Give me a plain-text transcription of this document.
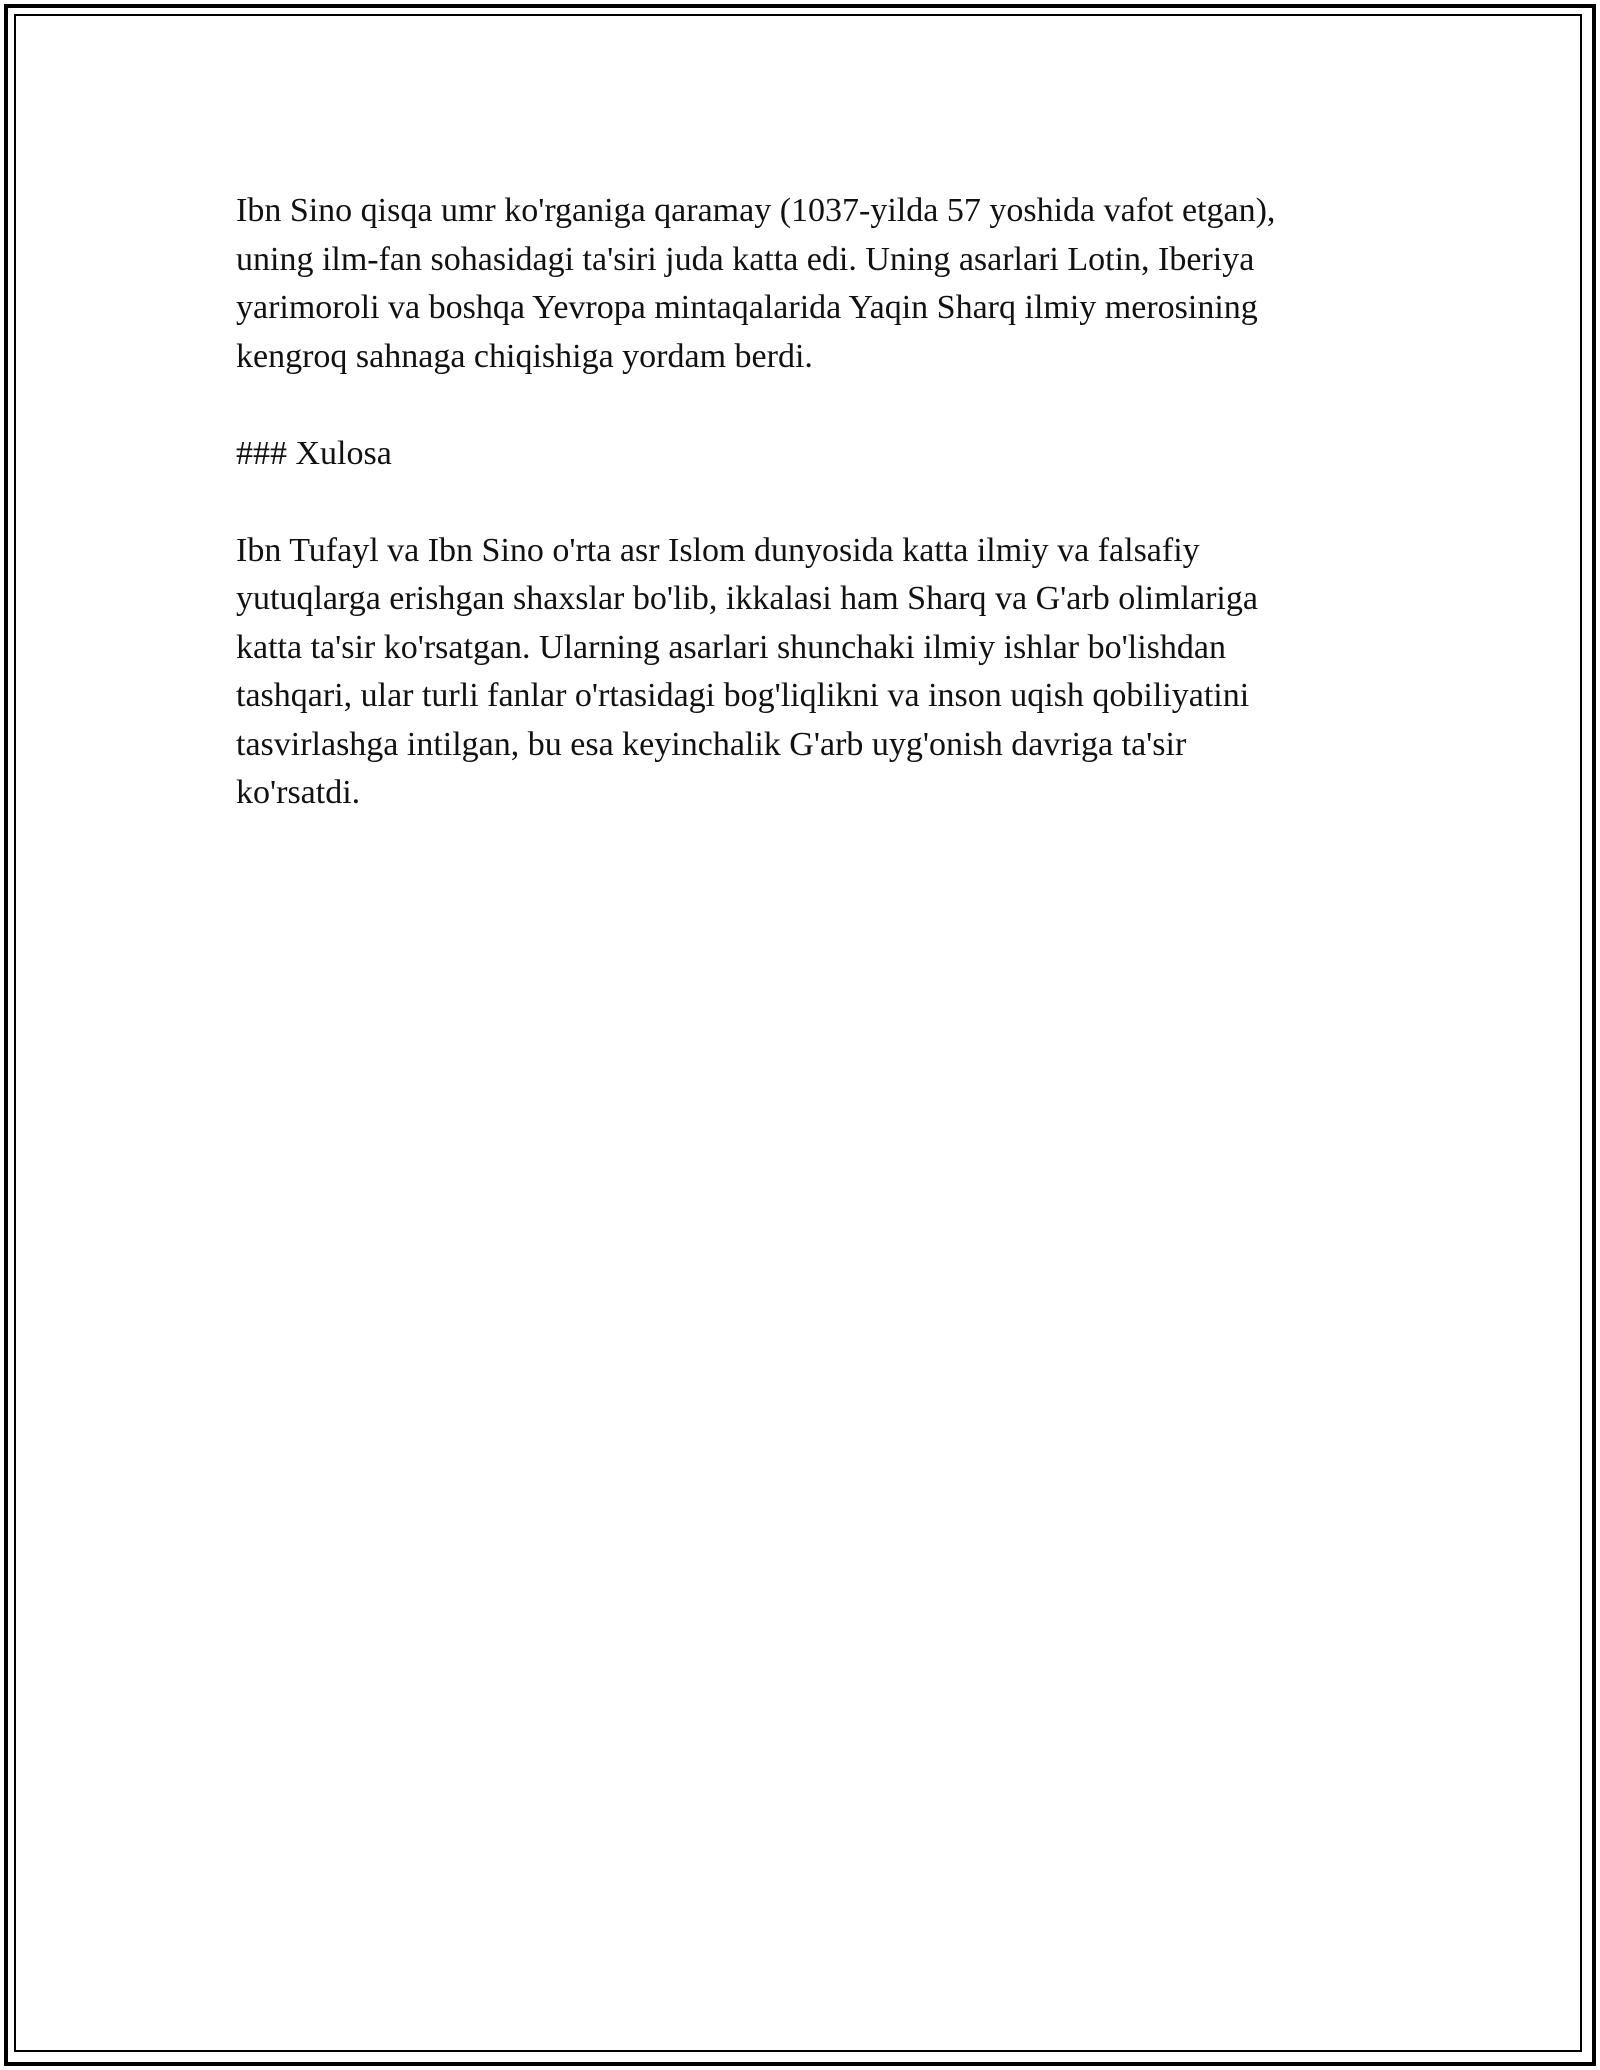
Ibn Sino qisqa umr ko'rganiga qaramay (1037-yilda 57 yoshida vafot etgan),
uning ilm-fan sohasidagi ta'siri juda katta edi. Uning asarlari Lotin, Iberiya
yarimoroli va boshqa Yevropa mintaqalarida Yaqin Sharq ilmiy merosining
kengroq sahnaga chiqishiga yordam berdi.

### Xulosa

Ibn Tufayl va Ibn Sino o'rta asr Islom dunyosida katta ilmiy va falsafiy
yutuqlarga erishgan shaxslar bo'lib, ikkalasi ham Sharq va G'arb olimlariga
katta ta'sir ko'rsatgan. Ularning asarlari shunchaki ilmiy ishlar bo'lishdan
tashqari, ular turli fanlar o'rtasidagi bog'liqlikni va inson uqish qobiliyatini
tasvirlashga intilgan, bu esa keyinchalik G'arb uyg'onish davriga ta'sir
ko'rsatdi.
